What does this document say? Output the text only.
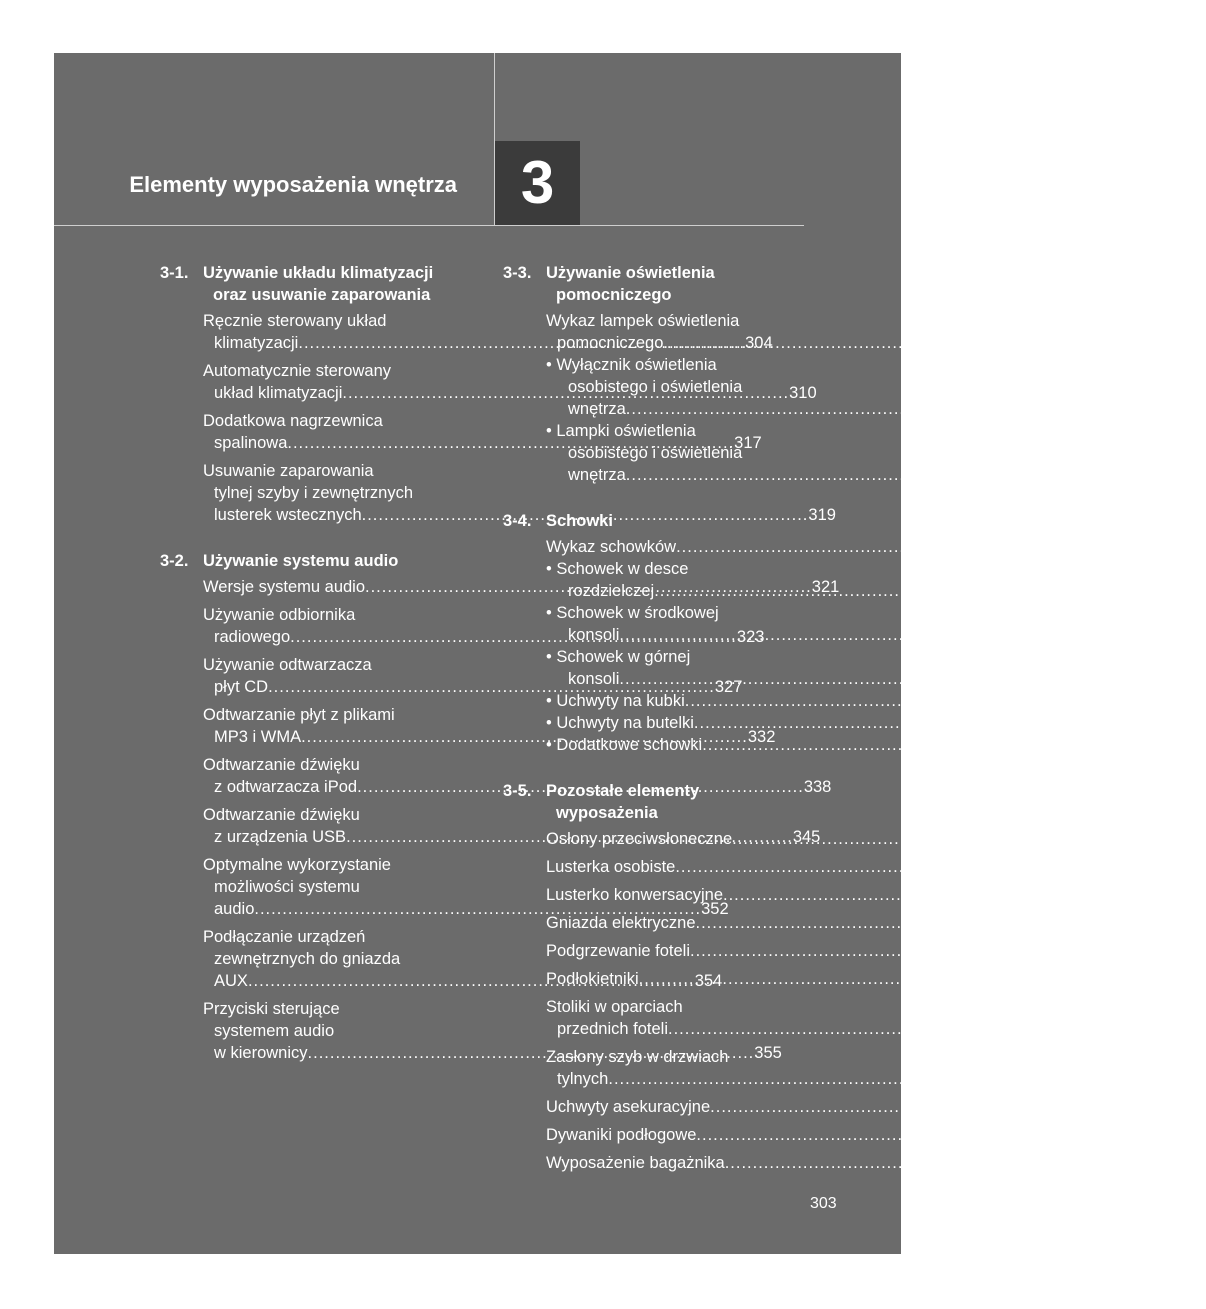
Elementy wyposażenia wnętrza	3
3-1. Używanie układu klimatyzacji
oraz usuwanie zaparowania
Ręcznie sterowany układ
klimatyzacji .....	304
Automatycznie sterowany
układ klimatyzacji .....	310
Dodatkowa nagrzewnica
spalinowa .....	317
Usuwanie zaparowania
tylnej szyby i zewnętrznych
lusterek wstecznych .....	319
3-2. Używanie systemu audio
Wersje systemu audio .....	321
Używanie odbiornika
radiowego .....	323
Używanie odtwarzacza
płyt CD .....	327
Odtwarzanie płyt z plikami
MP3 i WMA .....	332
Odtwarzanie dźwięku
z odtwarzacza iPod .....	338
Odtwarzanie dźwięku
z urządzenia USB .....	345
Optymalne wykorzystanie
możliwości systemu
audio .....	352
Podłączanie urządzeń
zewnętrznych do gniazda
AUX .....	354
Przyciski sterujące
systemem audio
w kierownicy .....	355
3-3. Używanie oświetlenia
pomocniczego
Wykaz lampek oświetlenia
pomocniczego .....	358
• Wyłącznik oświetlenia
osobistego i oświetlenia
wnętrza .....	359
• Lampki oświetlenia
osobistego i oświetlenia
wnętrza .....	360
3-4. Schowki
Wykaz schowków .....	362
• Schowek w desce
rozdzielczej .....	363
• Schowek w środkowej
konsoli .....	364
• Schowek w górnej
konsoli .....	366
• Uchwyty na kubki .....	366
• Uchwyty na butelki .....	368
• Dodatkowe schowki .....	369
3-5. Pozostałe elementy
wyposażenia
Osłony przeciwsłoneczne .....	371
Lusterka osobiste .....	372
Lusterko konwersacyjne .....	373
Gniazda elektryczne .....	374
Podgrzewanie foteli .....	376
Podłokietniki .....	378
Stoliki w oparciach
przednich foteli .....	379
Zasłony szyb w drzwiach
tylnych .....	381
Uchwyty asekuracyjne .....	382
Dywaniki podłogowe .....	383
Wyposażenie bagażnika .....	385
303
